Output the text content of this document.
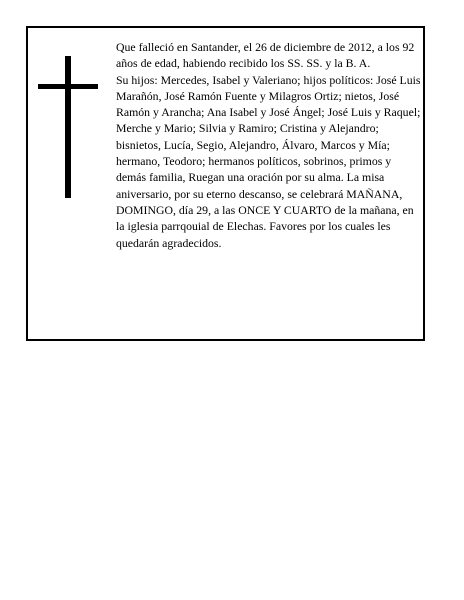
Que falleció en Santander, el 26 de diciembre de 2012, a los 92 años de edad, habiendo recibido los SS. SS. y la B. A.

Su hijos: Mercedes, Isabel y Valeriano; hijos políticos: José Luis Marañón, José Ramón Fuente y Milagros Ortiz; nietos, José Ramón y Arancha; Ana Isabel y José Ángel; José Luis y Raquel; Merche y Mario; Silvia y Ramiro; Cristina y Alejandro; bisnietos, Lucía, Segio, Alejandro, Álvaro, Marcos y Mía; hermano, Teodoro; hermanos políticos, sobrinos, primos y demás familia, Ruegan una oración por su alma. La misa aniversario, por su eterno descanso, se celebrará MAÑANA, DOMINGO, día 29, a las ONCE Y CUARTO de la mañana, en la iglesia parrqouial de Elechas. Favores por los cuales les quedarán agradecidos.
